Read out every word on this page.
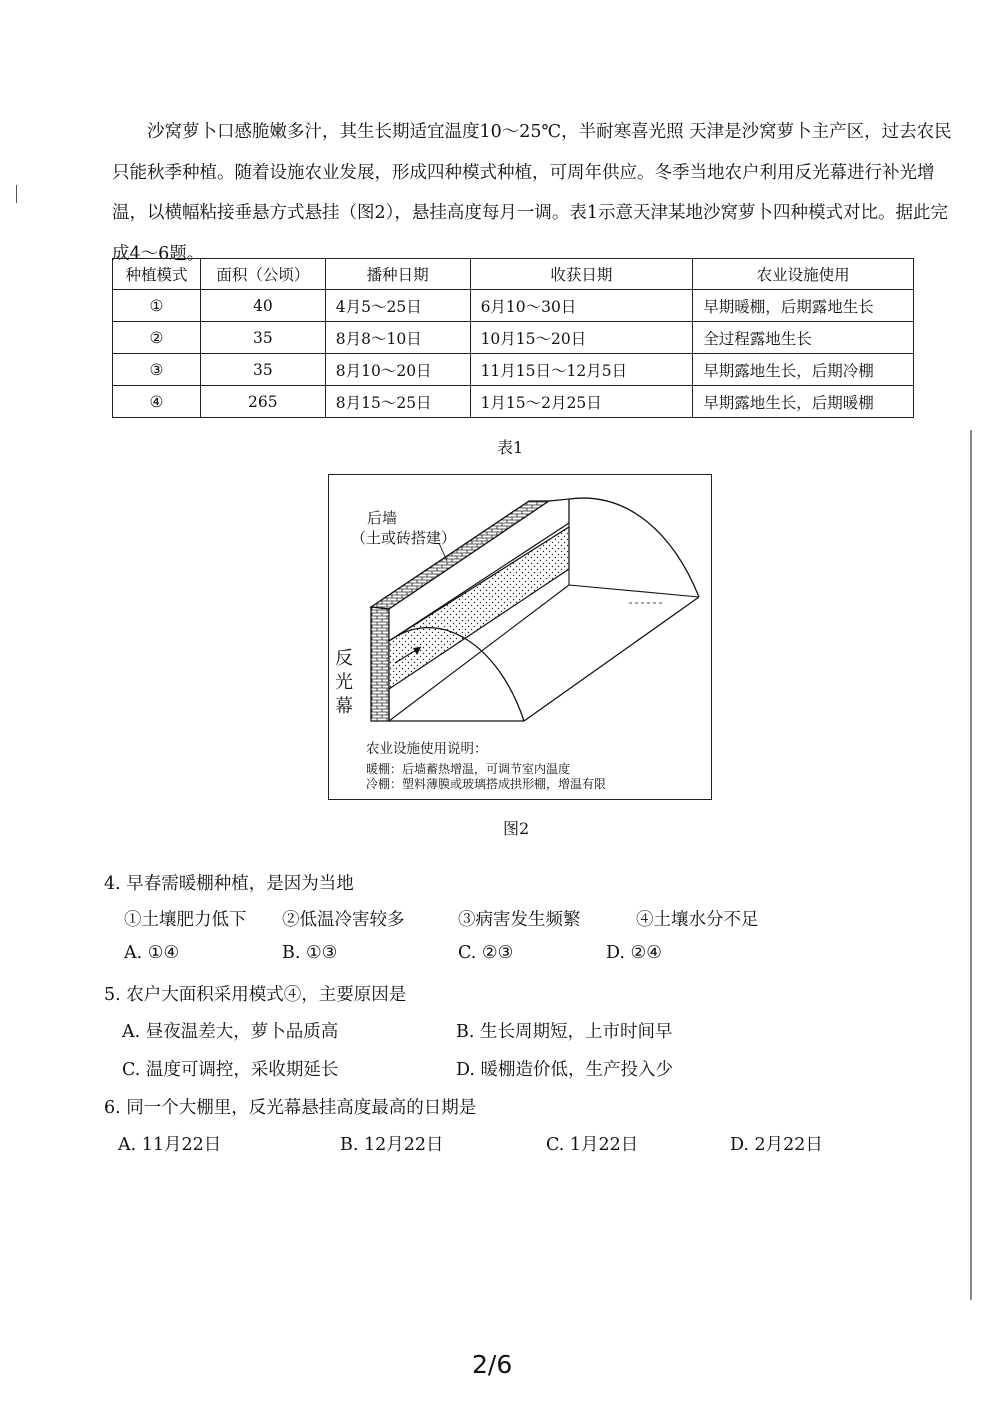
沙窝萝卜口感脆嫩多汁，其生长期适宜温度10～25℃，半耐寒喜光照 天津是沙窝萝卜主产区，过去农民只能秋季种植。随着设施农业发展，形成四种模式种植，可周年供应。冬季当地农户利用反光幕进行补光增温，以横幅粘接垂悬方式悬挂（图2），悬挂高度每月一调。表1示意天津某地沙窝萝卜四种模式对比。据此完成4～6题。

种植模式	面积（公顷）	播种日期	收获日期	农业设施使用
①	40	4月5～25日	6月10～30日	早期暖棚，后期露地生长
②	35	8月8～10日	10月15～20日	全过程露地生长
③	35	8月10～20日	11月15日～12月5日	早期露地生长，后期冷棚
④	265	8月15～25日	1月15～2月25日	早期露地生长，后期暖棚
表1
后墙
（土或砖搭建）
反光幕
农业设施使用说明：
暖棚：后墙蓄热增温，可调节室内温度
冷棚：塑料薄膜或玻璃搭成拱形棚，增温有限
图2
4. 早春需暖棚种植，是因为当地
①土壤肥力低下 ②低温冷害较多	③病害发生频繁	④土壤水分不足
A. ①④	B. ①③	C. ②③	D. ②④
5. 农户大面积采用模式④，主要原因是
A. 昼夜温差大，萝卜品质高	B. 生长周期短，上市时间早
C. 温度可调控，采收期延长	D. 暖棚造价低，生产投入少
6. 同一个大棚里，反光幕悬挂高度最高的日期是
A. 11月22日	B. 12月22日	C. 1月22日	D. 2月22日
2/6
